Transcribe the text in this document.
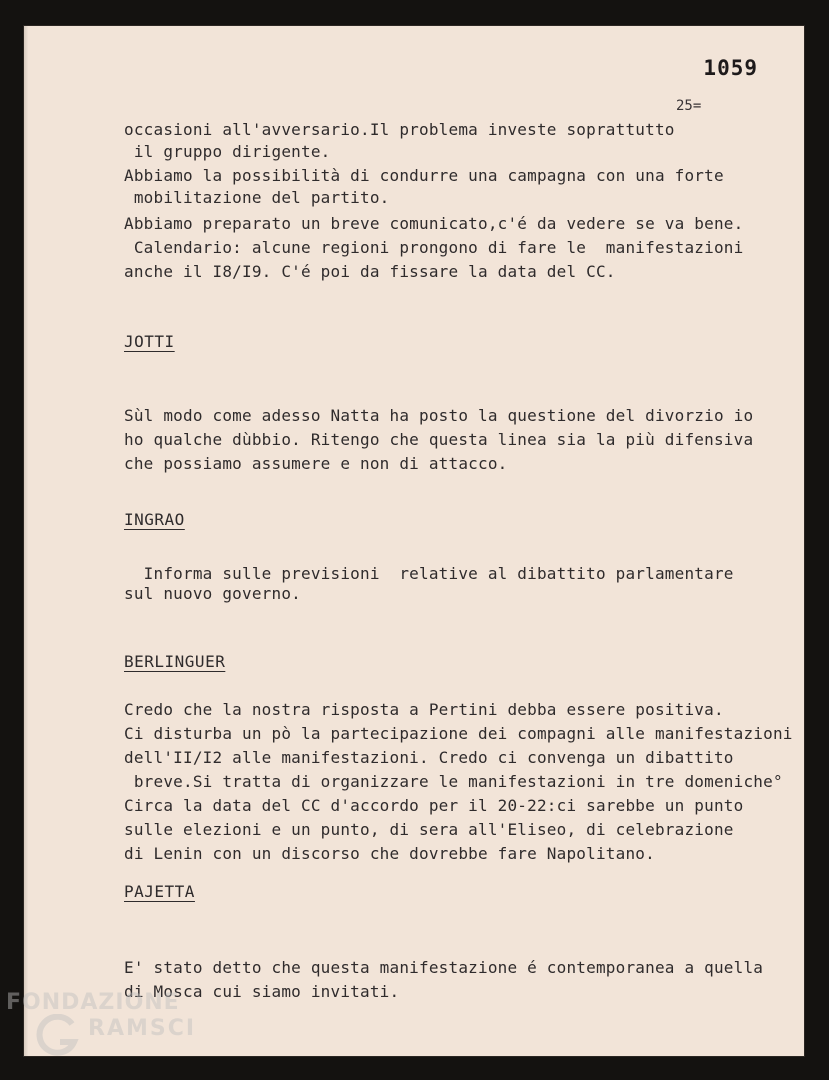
1059
25=
occasioni all'avversario.Il problema investe soprattutto
il gruppo dirigente.
Abbiamo la possibilità di condurre una campagna con una forte
mobilitazione del partito.
Abbiamo preparato un breve comunicato,c'é da vedere se va bene.
Calendario: alcune regioni prongono di fare le  manifestazioni
anche il I8/I9. C'é poi da fissare la data del CC.
JOTTI
Sùl modo come adesso Natta ha posto la questione del divorzio io
ho qualche dùbbio. Ritengo che questa linea sia la più difensiva
che possiamo assumere e non di attacco.
INGRAO
Informa sulle previsioni  relative al dibattito parlamentare
sul nuovo governo.
BERLINGUER
Credo che la nostra risposta a Pertini debba essere positiva.
Ci disturba un pò la partecipazione dei compagni alle manifestazioni
dell'II/I2 alle manifestazioni. Credo ci convenga un dibattito
breve.Si tratta di organizzare le manifestazioni in tre domeniche°
Circa la data del CC d'accordo per il 20-22:ci sarebbe un punto
sulle elezioni e un punto, di sera all'Eliseo, di celebrazione
di Lenin con un discorso che dovrebbe fare Napolitano.
PAJETTA
E' stato detto che questa manifestazione é contemporanea a quella
di Mosca cui siamo invitati.
FONDAZIONE
RAMSCI
